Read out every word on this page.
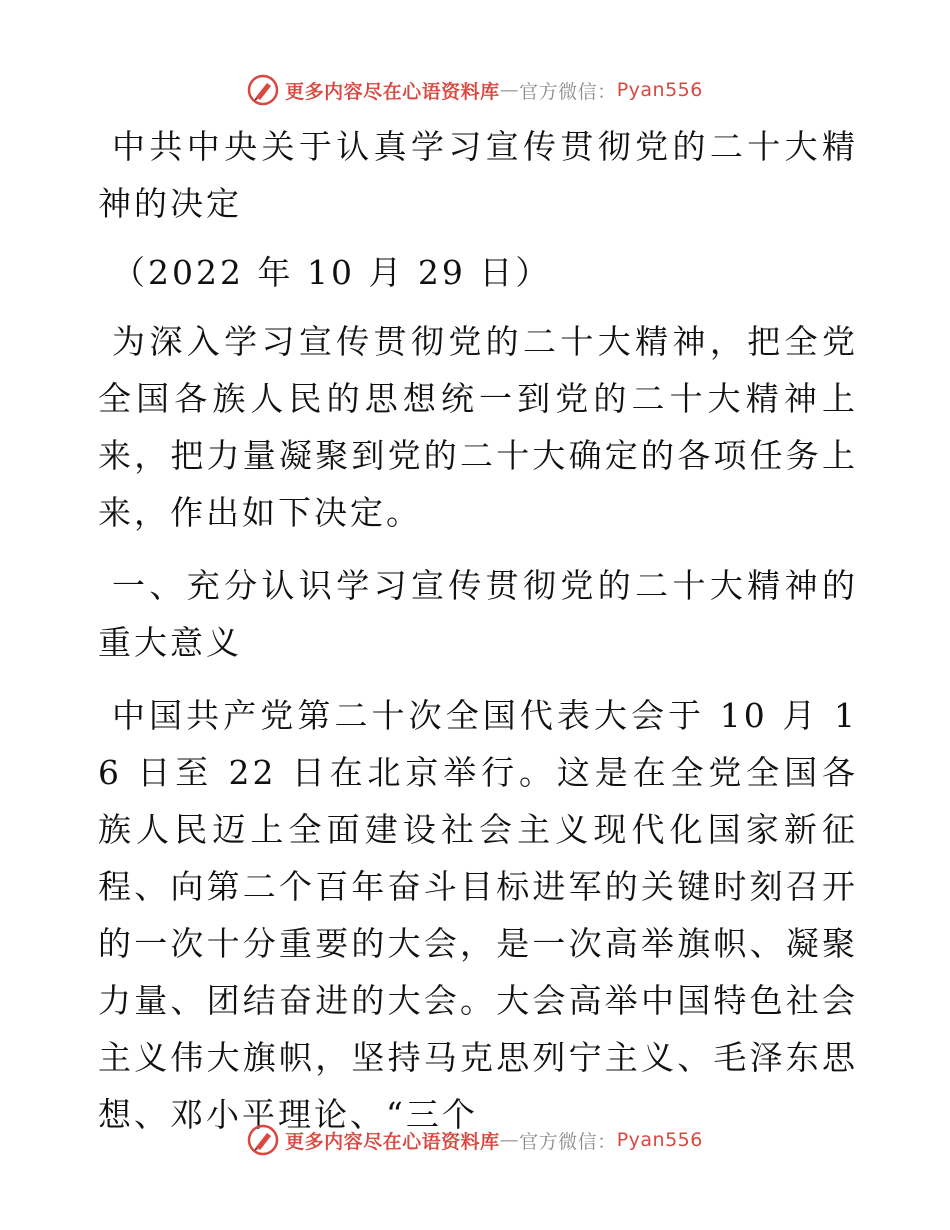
更多内容尽在心语资料库 — 官方微信： Pyan556

中共中央关于认真学习宣传贯彻党的二十大精神的决定

（2022 年 10 月 29 日）

为深入学习宣传贯彻党的二十大精神，把全党全国各族人民的思想统一到党的二十大精神上来，把力量凝聚到党的二十大确定的各项任务上来，作出如下决定。

一、充分认识学习宣传贯彻党的二十大精神的重大意义

中国共产党第二十次全国代表大会于 10 月 16 日至 22 日在北京举行。这是在全党全国各族人民迈上全面建设社会主义现代化国家新征程、向第二个百年奋斗目标进军的关键时刻召开的一次十分重要的大会，是一次高举旗帜、凝聚力量、团结奋进的大会。大会高举中国特色社会主义伟大旗帜，坚持马克思列宁主义、毛泽东思想、邓小平理论、“三个

更多内容尽在心语资料库 — 官方微信： Pyan556
